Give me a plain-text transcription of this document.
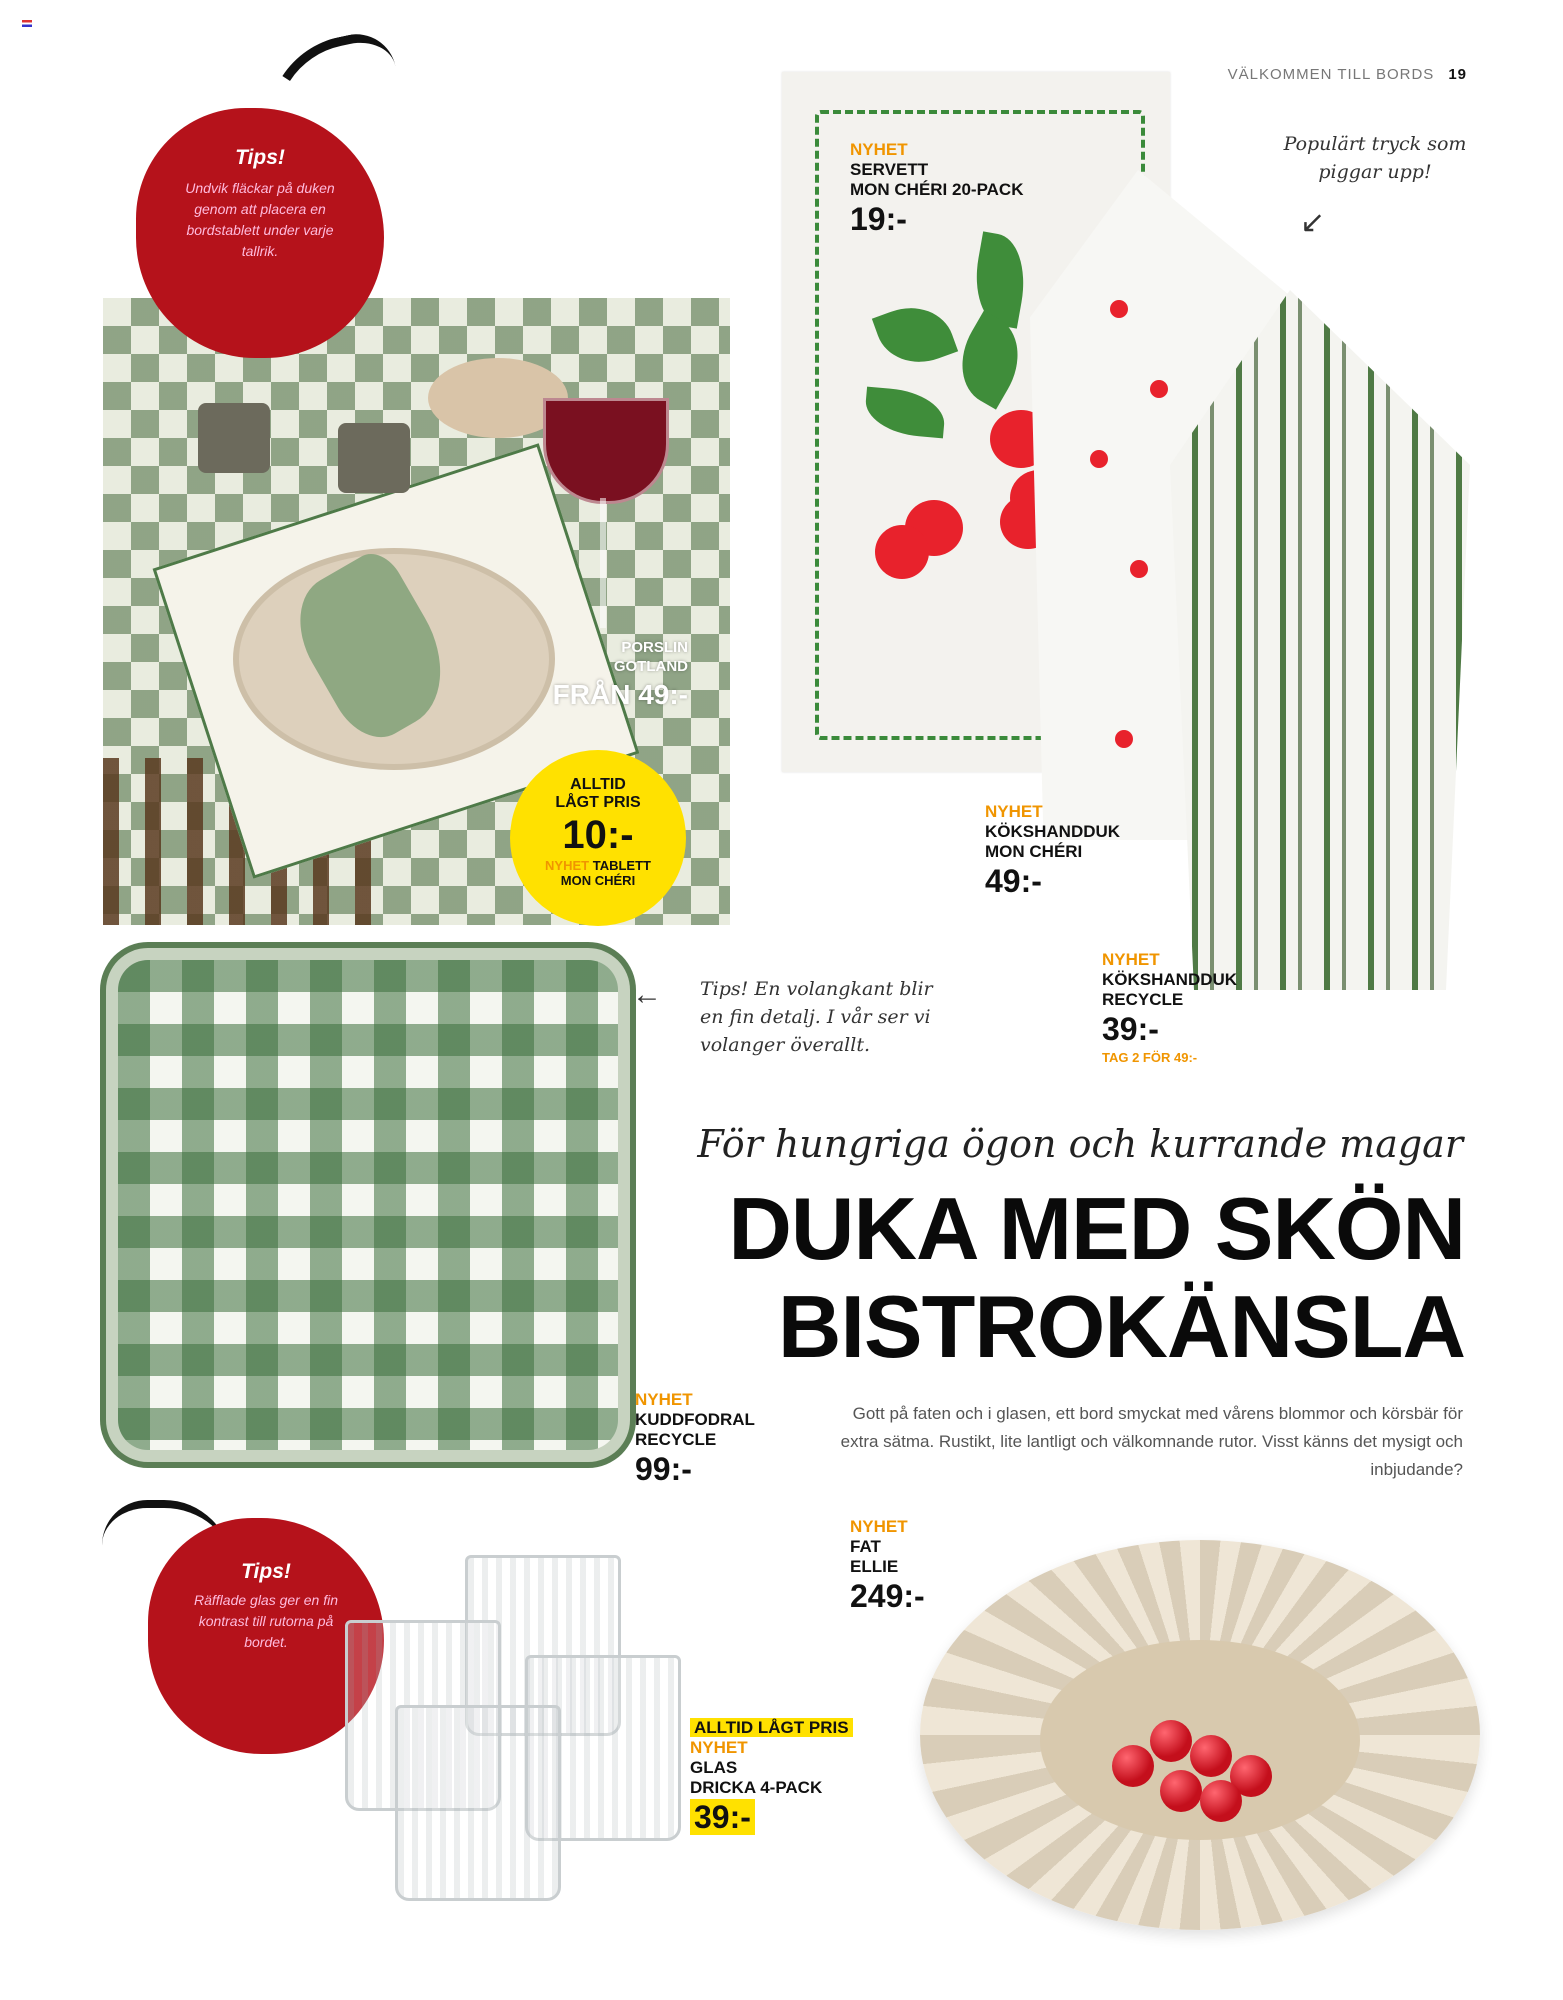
VÄLKOMMEN TILL BORDS 19
PORSLIN
GOTLAND
FRÅN 49:-
ALLTID
LÅGT PRIS
10:-
NYHET TABLETT
MON CHÉRI
Tips!
Undvik fläckar på duken genom att placera en bordstablett under varje tallrik.
NYHET
SERVETT
MON CHÉRI 20-PACK
19:-
Populärt tryck som piggar upp!
↙
NYHET
KÖKSHANDDUK
MON CHÉRI
49:-
NYHET
KÖKSHANDDUK
RECYCLE
39:-
TAG 2 FÖR 49:-
← Tips! En volangkant blir en fin detalj. I vår ser vi volanger överallt.
NYHET
KUDDFODRAL
RECYCLE
99:-
För hungriga ögon och kurrande magar
DUKA MED SKÖN
BISTROKÄNSLA
Gott på faten och i glasen, ett bord smyckat med vårens blommor och körsbär för extra sätma. Rustikt, lite lantligt och välkomnande rutor. Visst känns det mysigt och inbjudande?
NYHET
FAT
ELLIE
249:-
Tips!
Räfflade glas ger en fin kontrast till rutorna på bordet.
ALLTID LÅGT PRIS
NYHET
GLAS
DRICKA 4-PACK
39:-
